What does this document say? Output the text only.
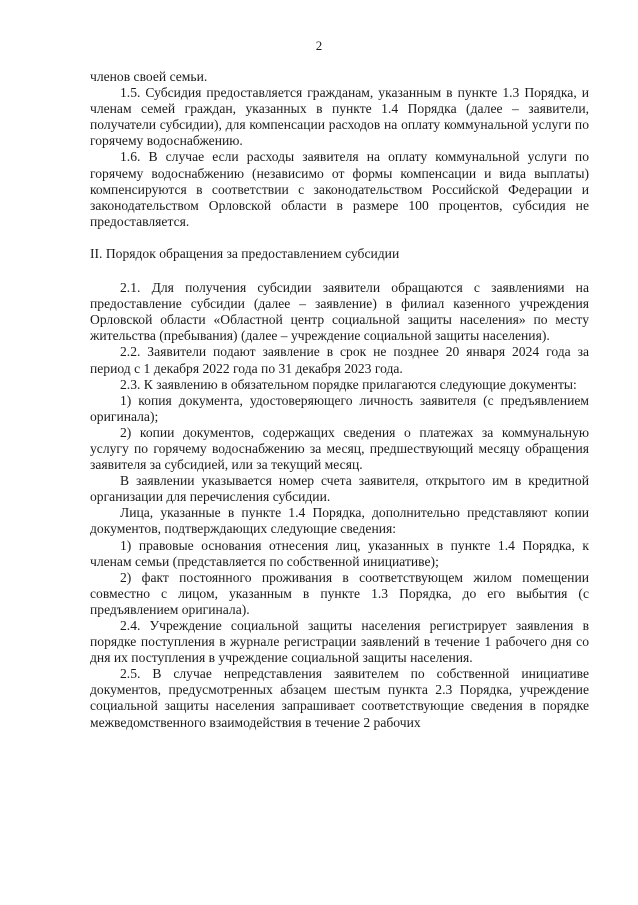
2

членов своей семьи.

1.5. Субсидия предоставляется гражданам, указанным в пункте 1.3 Порядка, и членам семей граждан, указанных в пункте 1.4 Порядка (далее – заявители, получатели субсидии), для компенсации расходов на оплату коммунальной услуги по горячему водоснабжению.

1.6. В случае если расходы заявителя на оплату коммунальной услуги по горячему водоснабжению (независимо от формы компенсации и вида выплаты) компенсируются в соответствии с законодательством Российской Федерации и законодательством Орловской области в размере 100 процентов, субсидия не предоставляется.

II. Порядок обращения за предоставлением субсидии

2.1. Для получения субсидии заявители обращаются с заявлениями на предоставление субсидии (далее – заявление) в филиал казенного учреждения Орловской области «Областной центр социальной защиты населения» по месту жительства (пребывания) (далее – учреждение социальной защиты населения).

2.2. Заявители подают заявление в срок не позднее 20 января 2024 года за период с 1 декабря 2022 года по 31 декабря 2023 года.

2.3. К заявлению в обязательном порядке прилагаются следующие документы:

1) копия документа, удостоверяющего личность заявителя (с предъявлением оригинала);

2) копии документов, содержащих сведения о платежах за коммунальную услугу по горячему водоснабжению за месяц, предшествующий месяцу обращения заявителя за субсидией, или за текущий месяц.

В заявлении указывается номер счета заявителя, открытого им в кредитной организации для перечисления субсидии.

Лица, указанные в пункте 1.4 Порядка, дополнительно представляют копии документов, подтверждающих следующие сведения:

1) правовые основания отнесения лиц, указанных в пункте 1.4 Порядка, к членам семьи (представляется по собственной инициативе);

2) факт постоянного проживания в соответствующем жилом помещении совместно с лицом, указанным в пункте 1.3 Порядка, до его выбытия (с предъявлением оригинала).

2.4. Учреждение социальной защиты населения регистрирует заявления в порядке поступления в журнале регистрации заявлений в течение 1 рабочего дня со дня их поступления в учреждение социальной защиты населения.

2.5. В случае непредставления заявителем по собственной инициативе документов, предусмотренных абзацем шестым пункта 2.3 Порядка, учреждение социальной защиты населения запрашивает соответствующие сведения в порядке межведомственного взаимодействия в течение 2 рабочих
